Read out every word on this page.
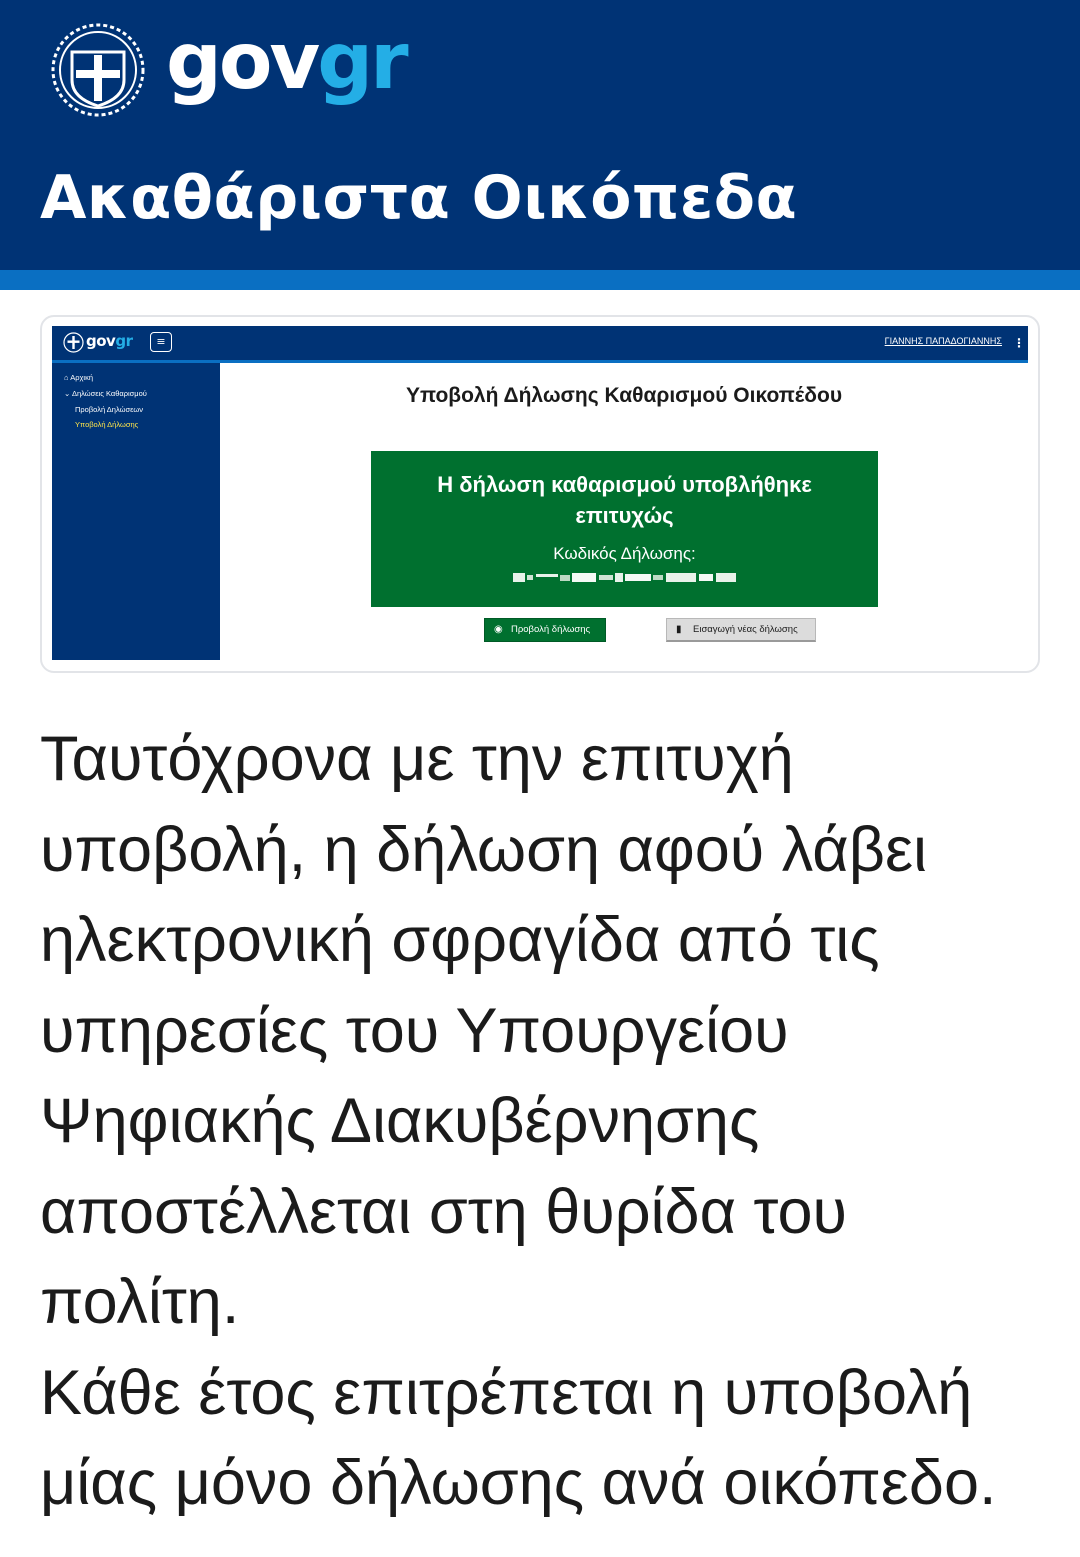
govgr
Ακαθάριστα Οικόπεδα
govgr	≡	ΓΙΑΝΝΗΣ ΠΑΠΑΔΟΓΙΑΝΝΗΣ ⋮
⌂ Αρχική
⌄ Δηλώσεις Καθαρισμού
Προβολή Δηλώσεων
Υποβολή Δήλωσης
Υποβολή Δήλωσης Καθαρισμού Οικοπέδου
Η δήλωση καθαρισμού υποβλήθηκε επιτυχώς
Κωδικός Δήλωσης:
◉ Προβολή δήλωσης	▮ Εισαγωγή νέας δήλωσης
Ταυτόχρονα με την επιτυχή
υποβολή, η δήλωση αφού λάβει
ηλεκτρονική σφραγίδα από τις
υπηρεσίες του Υπουργείου
Ψηφιακής Διακυβέρνησης
αποστέλλεται στη θυρίδα του
πολίτη.
Κάθε έτος επιτρέπεται η υποβολή
μίας μόνο δήλωσης ανά οικόπεδο.
